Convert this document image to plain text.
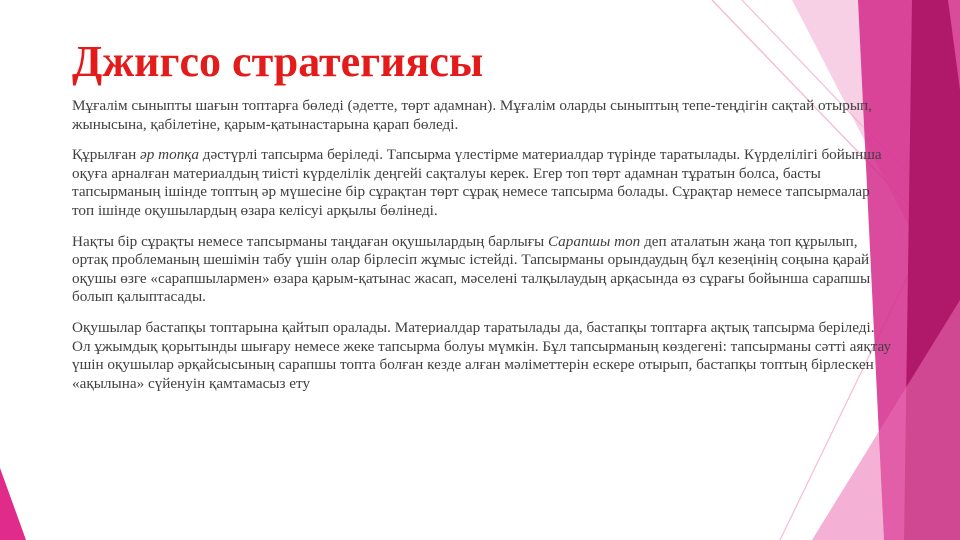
Джигсо стратегиясы

Мұғалім сыныпты шағын топтарға бөледі (әдетте, төрт адамнан). Мұғалім оларды сыныптың тепе-теңдігін сақтай отырып, жынысына, қабілетіне, қарым-қатынастарына қарап бөледі.

Құрылған әр топқа дәстүрлі тапсырма беріледі. Тапсырма үлестірме материалдар түрінде таратылады. Күрделілігі бойынша оқуға арналған материалдың тиісті күрделілік деңгейі сақталуы керек. Егер топ төрт адамнан тұратын болса, басты тапсырманың ішінде топтың әр мүшесіне бір сұрақтан төрт сұрақ немесе тапсырма болады. Сұрақтар немесе тапсырмалар топ ішінде оқушылардың өзара келісуі арқылы бөлінеді.

Нақты бір сұрақты немесе тапсырманы таңдаған оқушылардың барлығы Сарапшы топ деп аталатын жаңа топ құрылып, ортақ проблеманың шешімін табу үшін олар бірлесіп жұмыс істейді. Тапсырманы орындаудың бұл кезеңінің соңына қарай оқушы өзге «сарапшылармен» өзара қарым-қатынас жасап, мәселені талқылаудың арқасында өз сұрағы бойынша сарапшы болып қалыптасады.

Оқушылар бастапқы топтарына қайтып оралады. Материалдар таратылады да, бастапқы топтарға ақтық тапсырма беріледі. Ол ұжымдық қорытынды шығару немесе жеке тапсырма болуы мүмкін. Бұл тапсырманың көздегені: тапсырманы сәтті аяқтау үшін оқушылар әрқайсысының сарапшы топта болған кезде алған мәліметтерін ескере отырып, бастапқы топтың бірлескен «ақылына» сүйенуін қамтамасыз ету
